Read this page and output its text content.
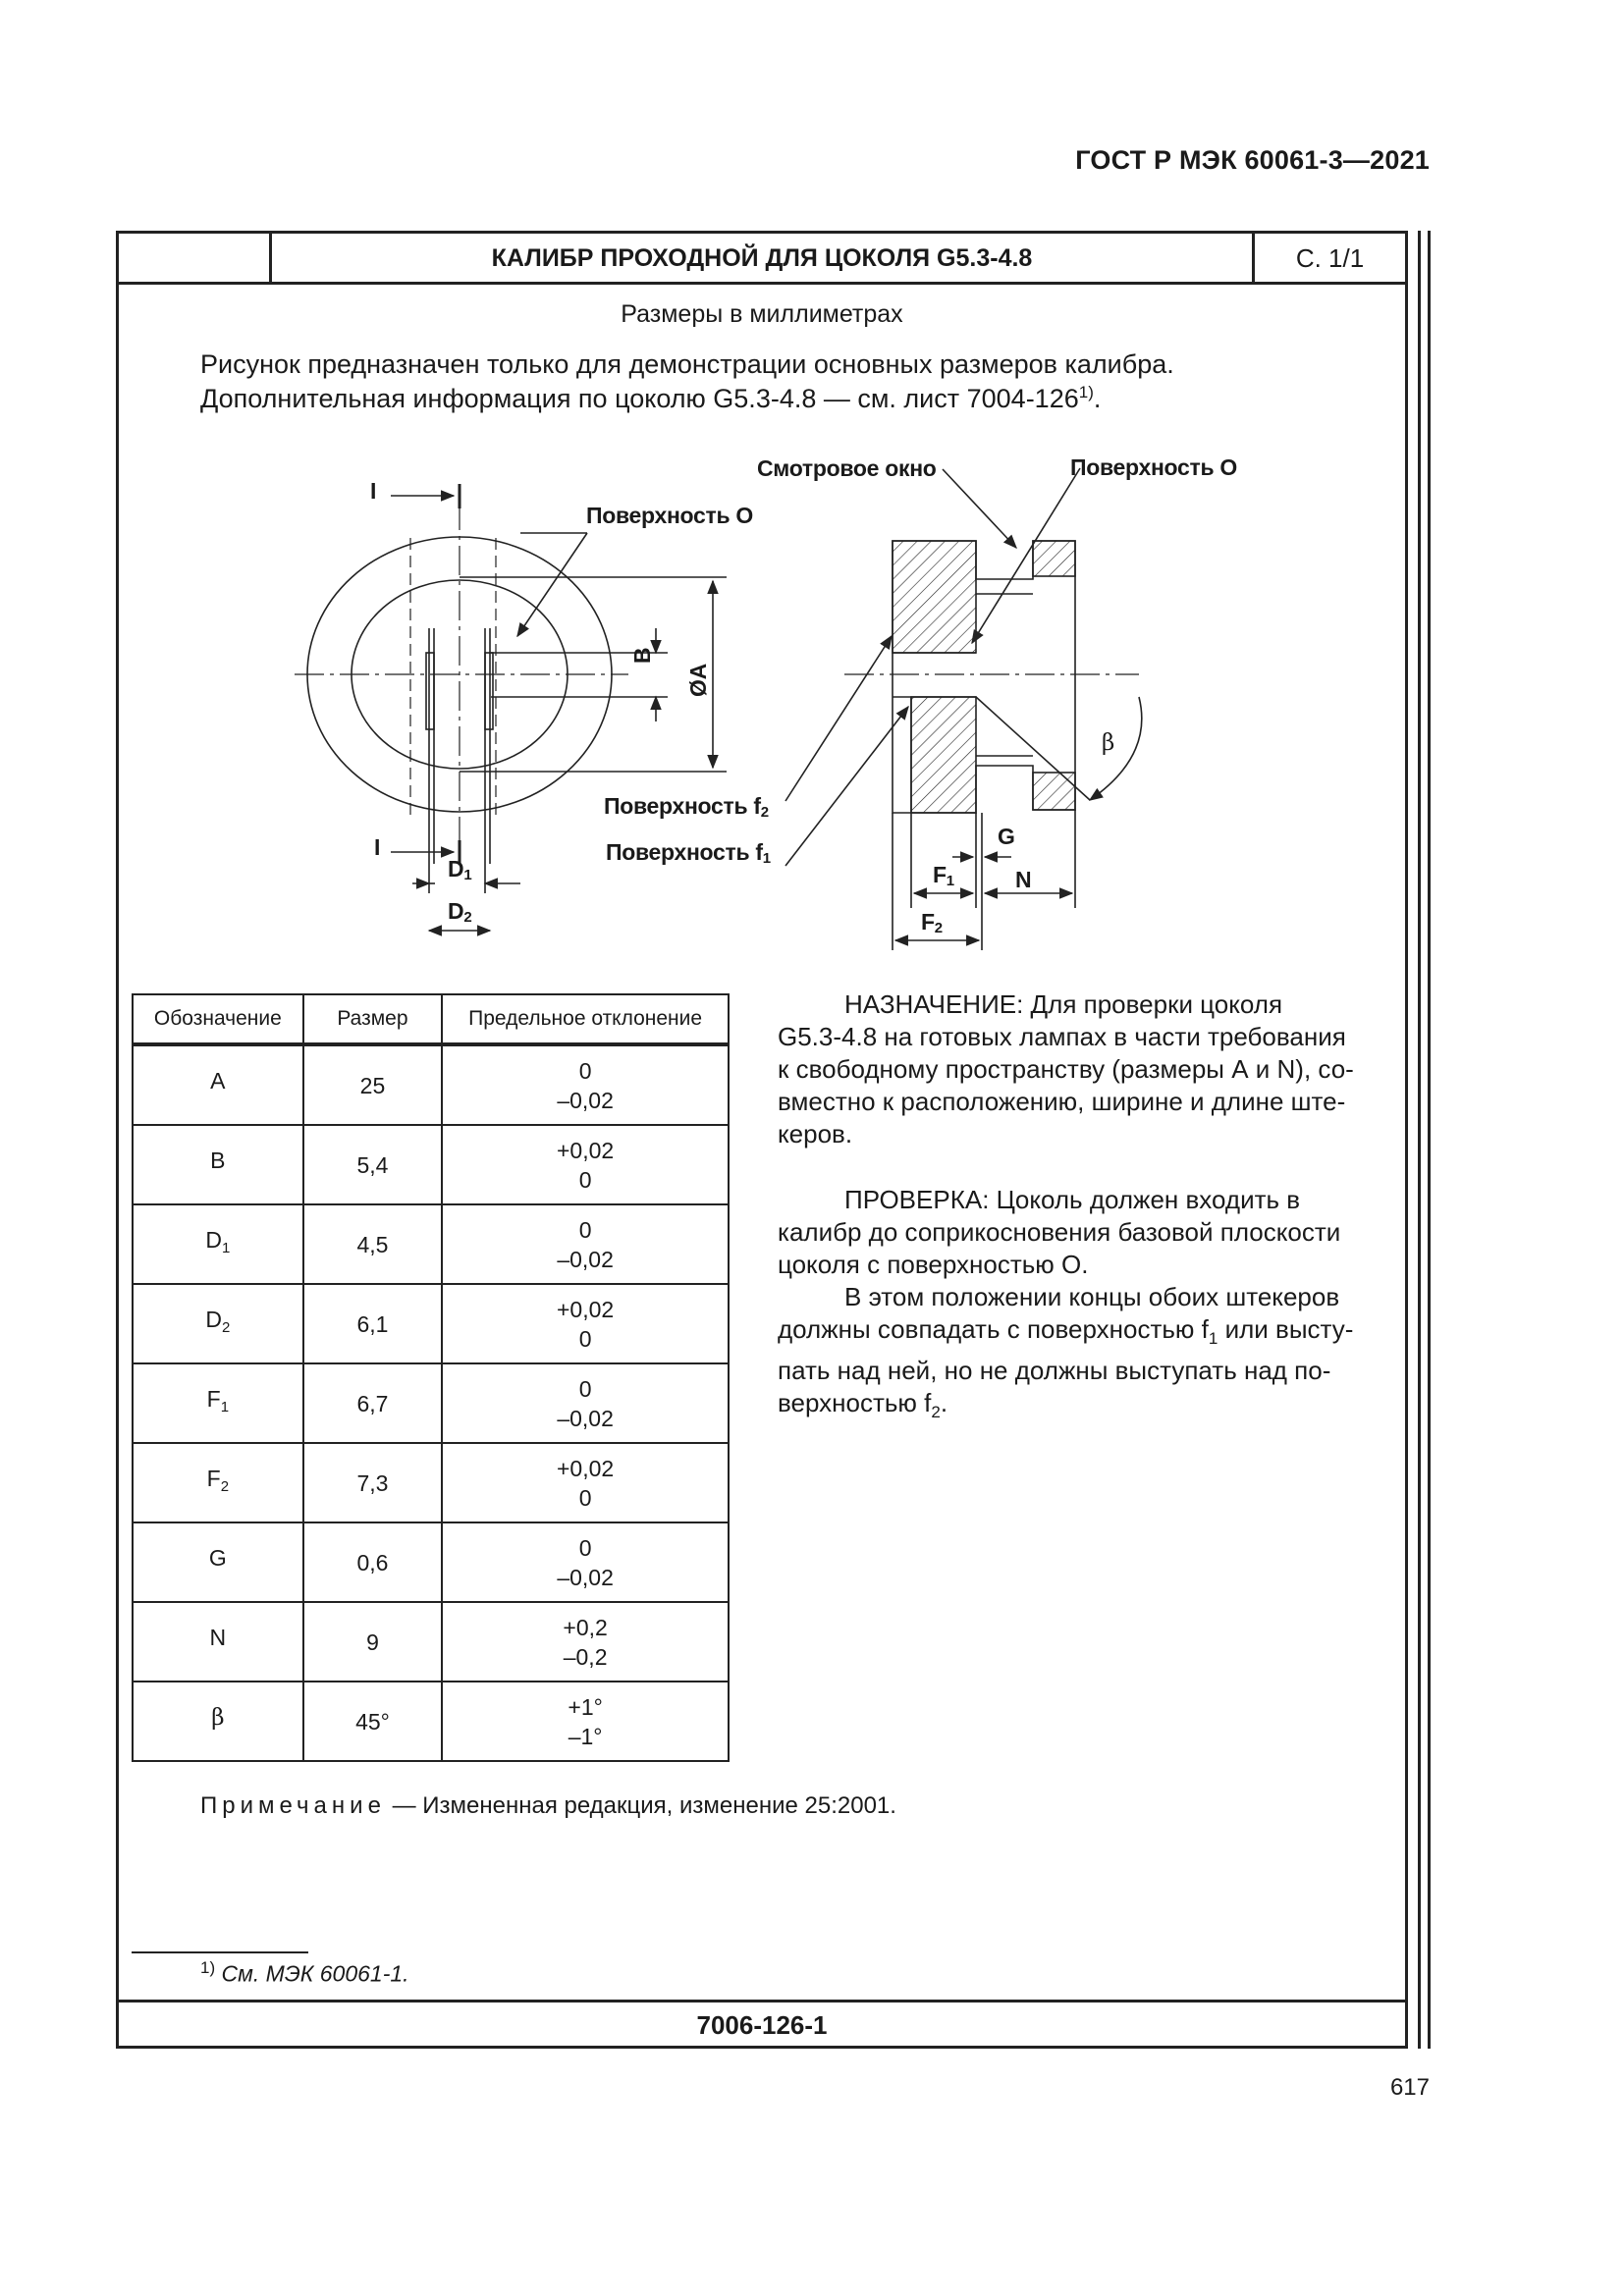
ГОСТ Р МЭК 60061-3—2021
КАЛИБР ПРОХОДНОЙ ДЛЯ ЦОКОЛЯ G5.3-4.8	С. 1/1
Размеры в миллиметрах
Рисунок предназначен только для демонстрации основных размеров калибра.
Дополнительная информация по цоколю G5.3-4.8 — см. лист 7004-126$^{1)}$.
I
I
Поверхность О
Смотровое окно	Поверхность О
Поверхность $f_2$
Поверхность $f_1$
B
ØA
$D_1$
$D_2$
β
G
$F_1$	N
$F_2$
Обозначение	Размер	Предельное отклонение
A	25	0
–0,02

B	5,4	+0,02
0

$D_1$	4,5	0
–0,02

$D_2$	6,1	+0,02
0

$F_1$	6,7	0
–0,02

$F_2$	7,3	+0,02
0

G	0,6	0
–0,02

N	9	+0,2
–0,2

β	45°	+1°
–1°

НАЗНАЧЕНИЕ: Для проверки цоколя

G5.3-4.8 на готовых лампах в части требования

к свободному пространству (размеры А и N), со-

вместно к расположению, ширине и длине ште-

керов.

ПРОВЕРКА: Цоколь должен входить в

калибр до соприкосновения базовой плоскости

цоколя с поверхностью О.

В этом положении концы обоих штекеров

должны совпадать с поверхностью $f_1$ или высту-

пать над ней, но не должны выступать над по-

верхностью $f_2$.

Примечание — Измененная редакция, изменение 25:2001.
$^{1)}$ См. МЭК 60061-1.
7006-126-1
617
